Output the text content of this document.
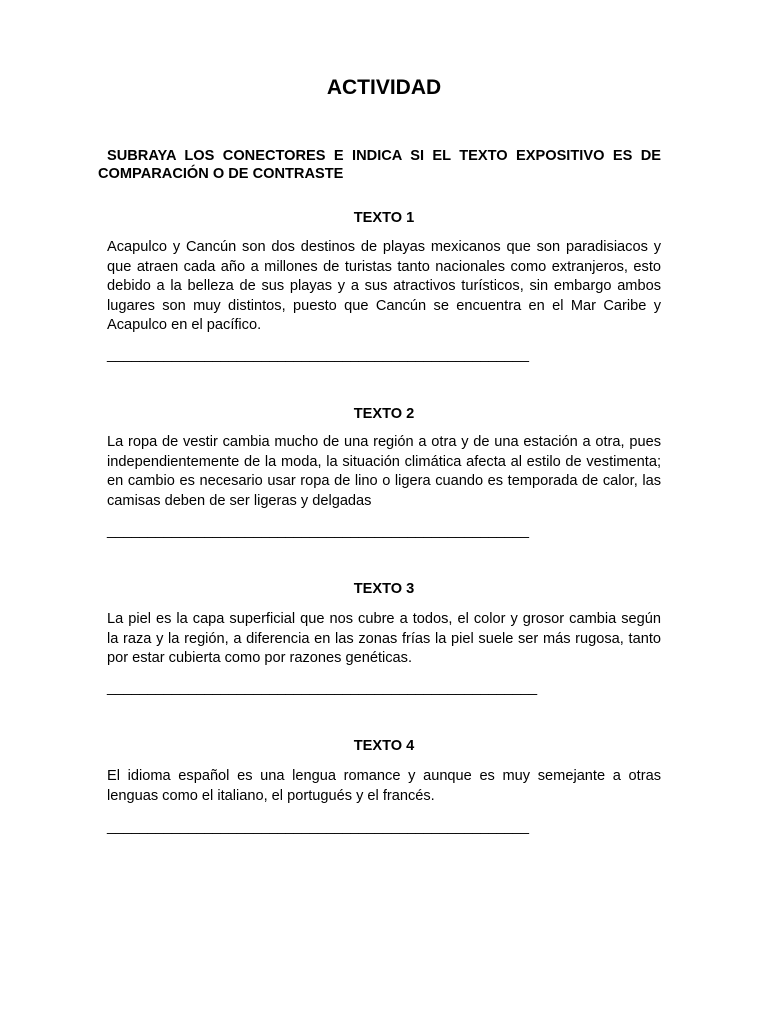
ACTIVIDAD
SUBRAYA LOS CONECTORES E INDICA SI EL TEXTO EXPOSITIVO ES DE COMPARACIÓN O DE CONTRASTE
TEXTO 1
Acapulco y Cancún son dos destinos de playas mexicanos que son paradisiacos y que atraen cada año a millones de turistas tanto nacionales como extranjeros, esto debido a la belleza de sus playas y a sus atractivos turísticos, sin embargo ambos lugares son muy distintos, puesto que Cancún se encuentra en el Mar Caribe y Acapulco en el pacífico.
____________________________________________________
TEXTO 2
La ropa de vestir cambia mucho de una región a otra y de una estación a otra, pues independientemente de la moda, la situación climática afecta al estilo de vestimenta; en cambio es necesario usar ropa de lino o ligera cuando es temporada de calor, las camisas deben de ser ligeras y delgadas
____________________________________________________
TEXTO 3
La piel es la capa superficial que nos cubre a todos, el color y grosor cambia según la raza y la región, a diferencia en las zonas frías la piel suele ser más rugosa, tanto por estar cubierta como por razones genéticas.
_____________________________________________________
TEXTO 4
El idioma español es una lengua romance y aunque es muy semejante a otras lenguas como el italiano, el portugués y el francés.
____________________________________________________
